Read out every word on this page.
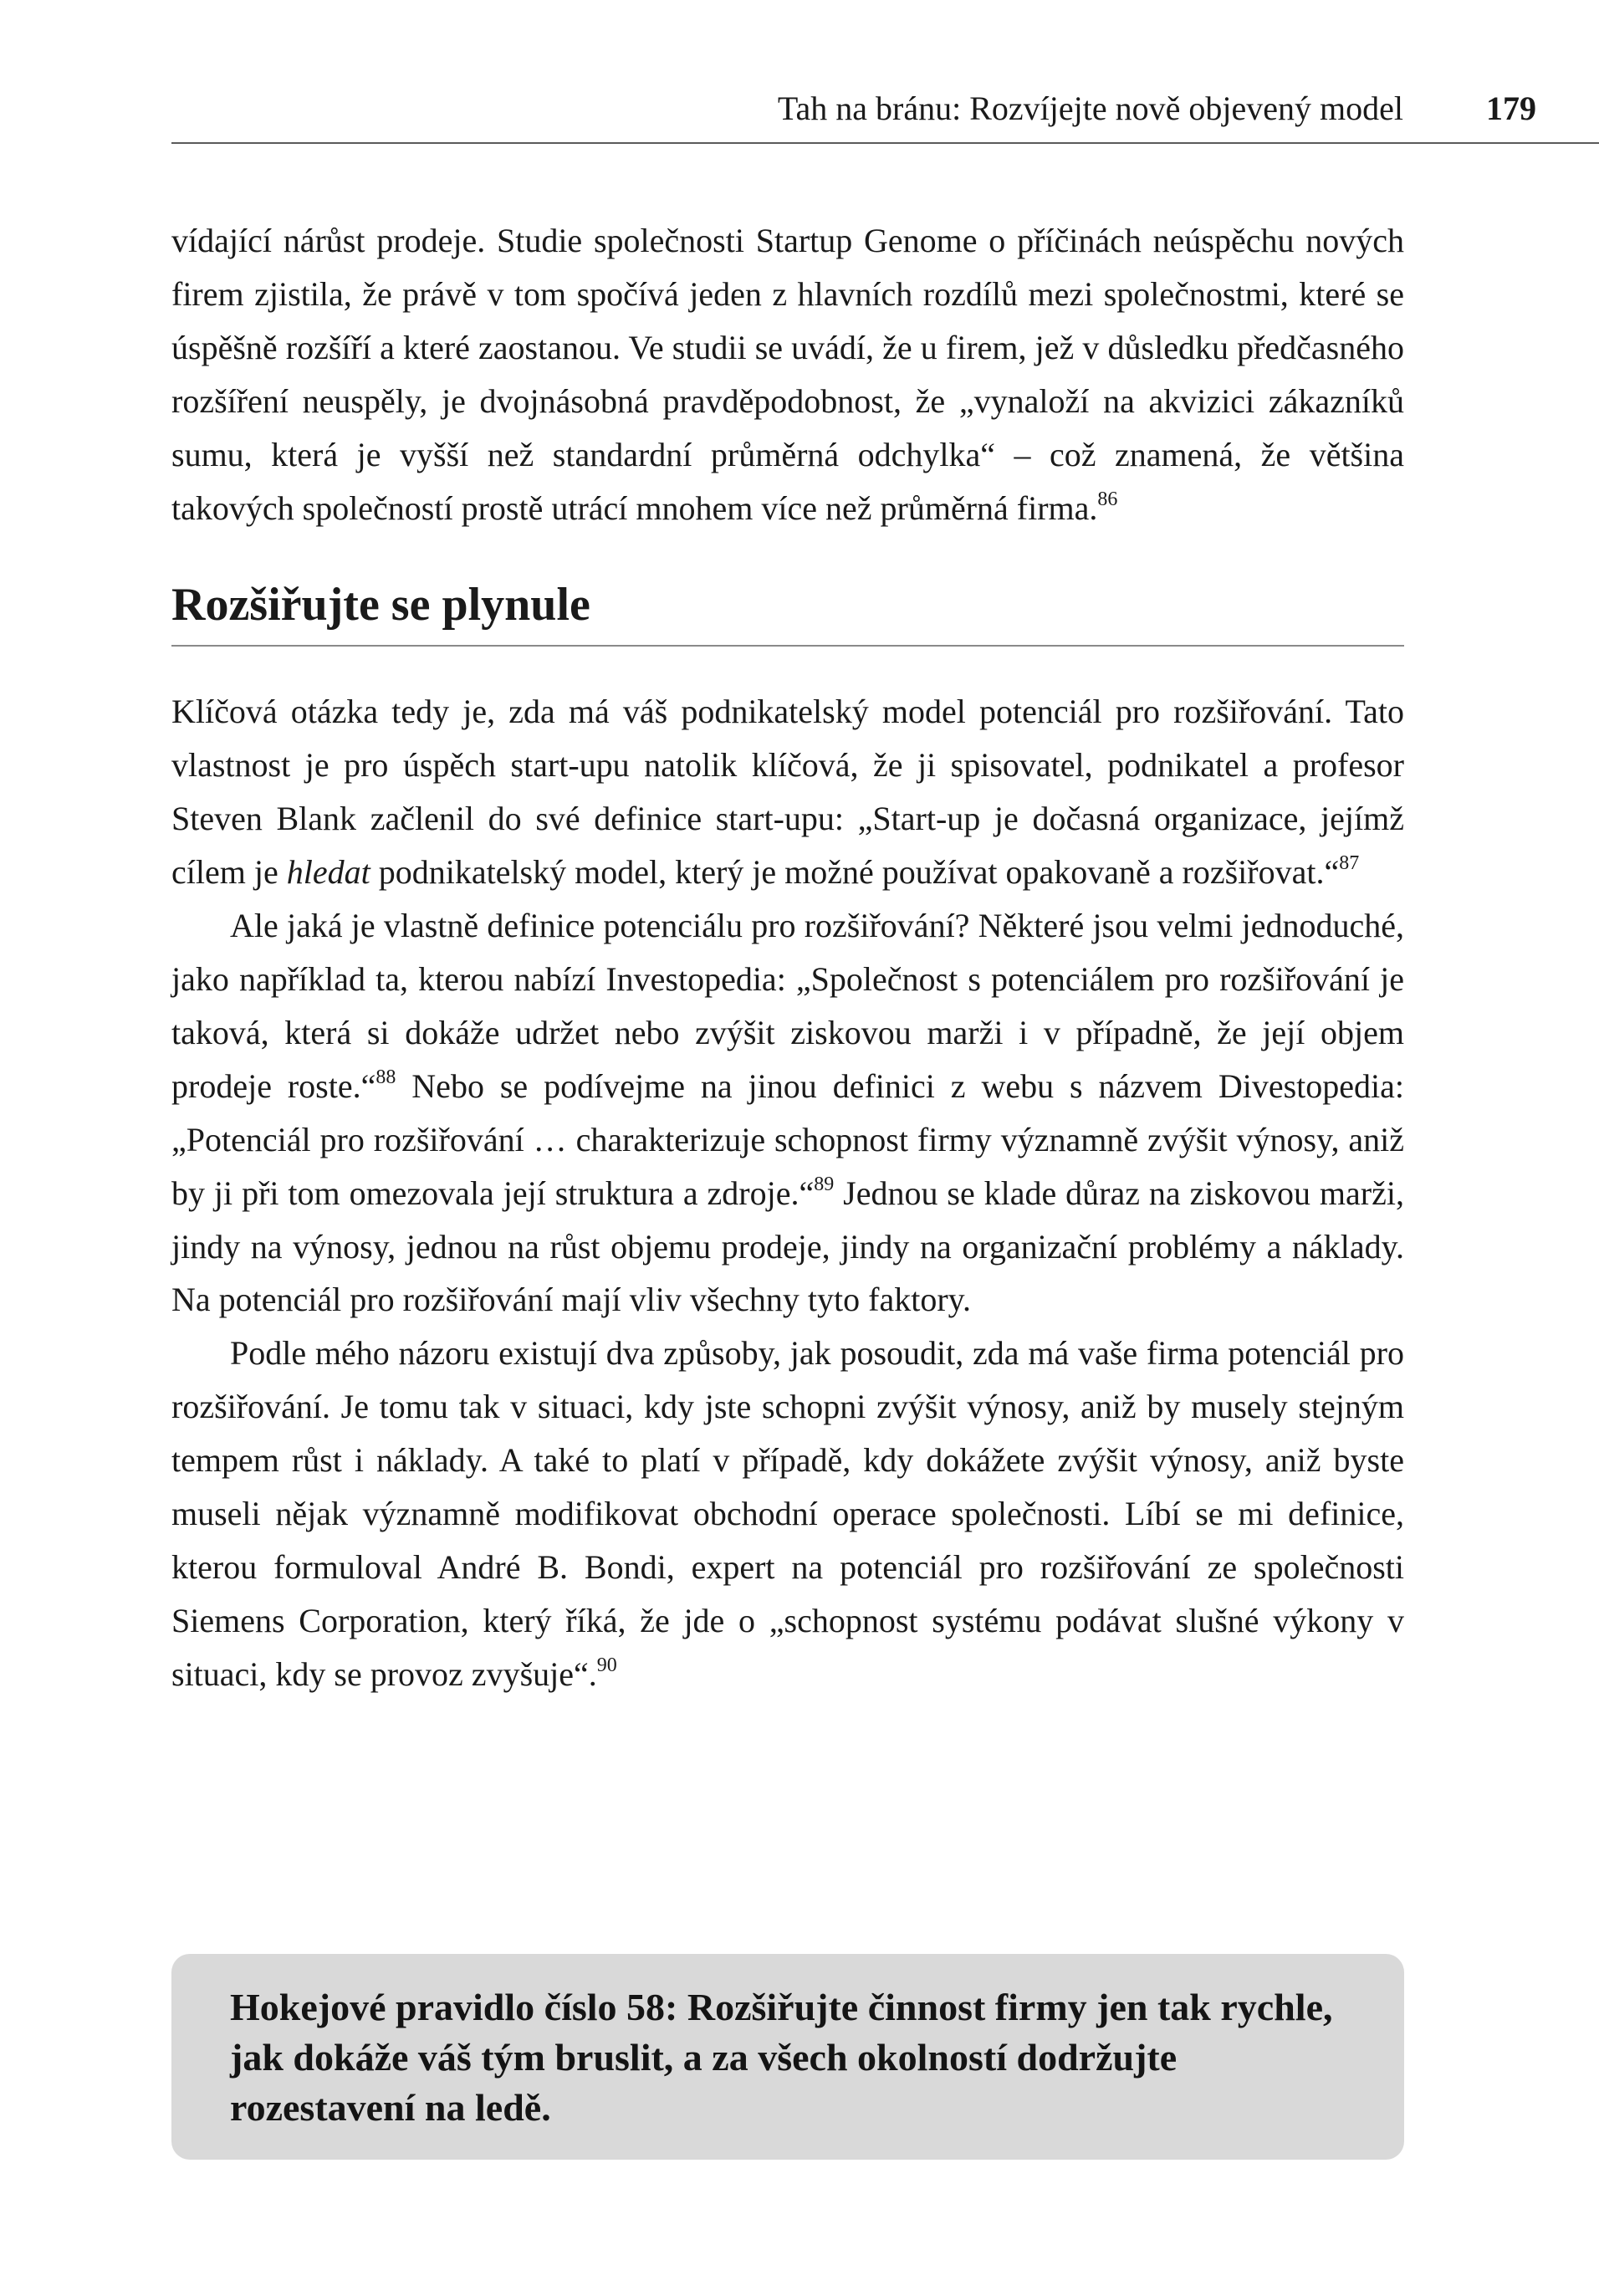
Tah na bránu: Rozvíjejte nově objevený model 179

vídající nárůst prodeje. Studie společnosti Startup Genome o příčinách neúspěchu nových firem zjistila, že právě v tom spočívá jeden z hlavních rozdílů mezi společnostmi, které se úspěšně rozšíří a které zaostanou. Ve studii se uvádí, že u firem, jež v důsledku předčasného rozšíření neuspěly, je dvojnásobná pravděpodobnost, že „vynaloží na akvizici zákazníků sumu, která je vyšší než standardní průměrná odchylka“ – což znamená, že většina takových společností prostě utrácí mnohem více než průměrná firma.$^{86}$

Rozšiřujte se plynule

Klíčová otázka tedy je, zda má váš podnikatelský model potenciál pro rozšiřování. Tato vlastnost je pro úspěch start-upu natolik klíčová, že ji spisovatel, podnikatel a profesor Steven Blank začlenil do své definice start-upu: „Start-up je dočasná organizace, jejímž cílem je hledat podnikatelský model, který je možné používat opakovaně a rozšiřovat.“$^{87}$

Ale jaká je vlastně definice potenciálu pro rozšiřování? Některé jsou velmi jednoduché, jako například ta, kterou nabízí Investopedia: „Společnost s potenciálem pro rozšiřování je taková, která si dokáže udržet nebo zvýšit ziskovou marži i v případně, že její objem prodeje roste.“$^{88}$ Nebo se podívejme na jinou definici z webu s názvem Divestopedia: „Potenciál pro rozšiřování … charakterizuje schopnost firmy významně zvýšit výnosy, aniž by ji při tom omezovala její struktura a zdroje.“$^{89}$ Jednou se klade důraz na ziskovou marži, jindy na výnosy, jednou na růst objemu prodeje, jindy na organizační problémy a náklady. Na potenciál pro rozšiřování mají vliv všechny tyto faktory.

Podle mého názoru existují dva způsoby, jak posoudit, zda má vaše firma potenciál pro rozšiřování. Je tomu tak v situaci, kdy jste schopni zvýšit výnosy, aniž by musely stejným tempem růst i náklady. A také to platí v případě, kdy dokážete zvýšit výnosy, aniž byste museli nějak významně modifikovat obchodní operace společnosti. Líbí se mi definice, kterou formuloval André B. Bondi, expert na potenciál pro rozšiřování ze společnosti Siemens Corporation, který říká, že jde o „schopnost systému podávat slušné výkony v situaci, kdy se provoz zvyšuje“.$^{90}$

Hokejové pravidlo číslo 58: Rozšiřujte činnost firmy jen tak rychle, jak dokáže váš tým bruslit, a za všech okolností dodržujte rozestavení na ledě.
